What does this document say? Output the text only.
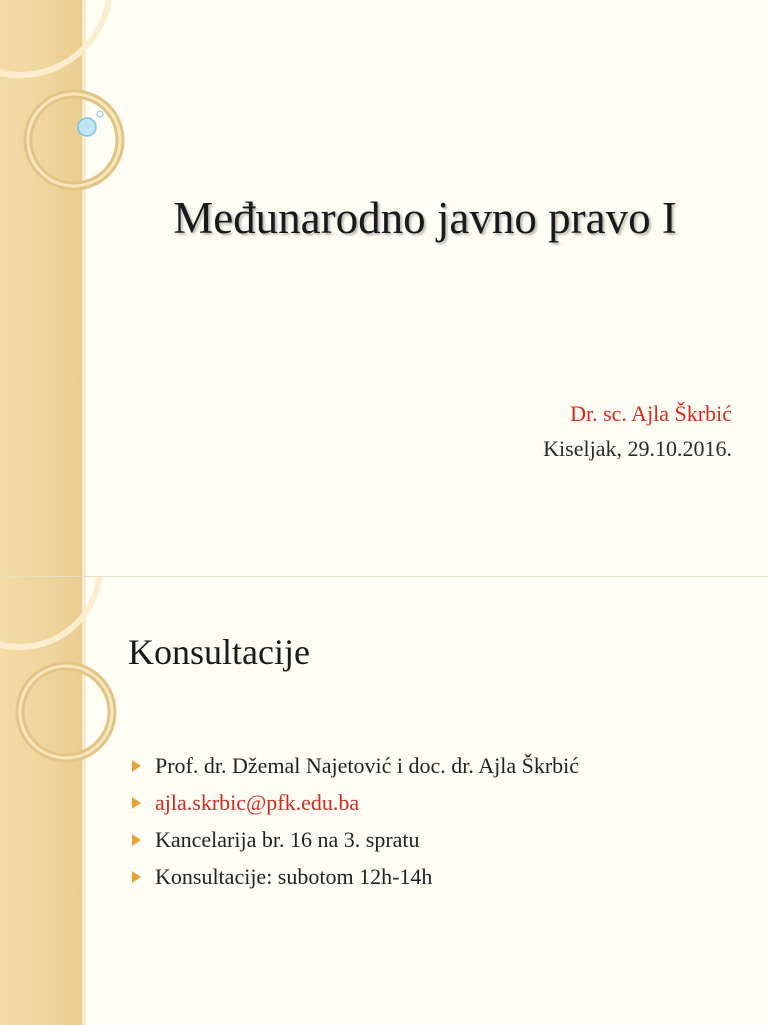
Međunarodno javno pravo I
Dr. sc. Ajla Škrbić
Kiseljak, 29.10.2016.
Konsultacije
Prof. dr. Džemal Najetović i doc. dr. Ajla Škrbić
ajla.skrbic@pfk.edu.ba
Kancelarija br. 16 na 3. spratu
Konsultacije: subotom 12h-14h
